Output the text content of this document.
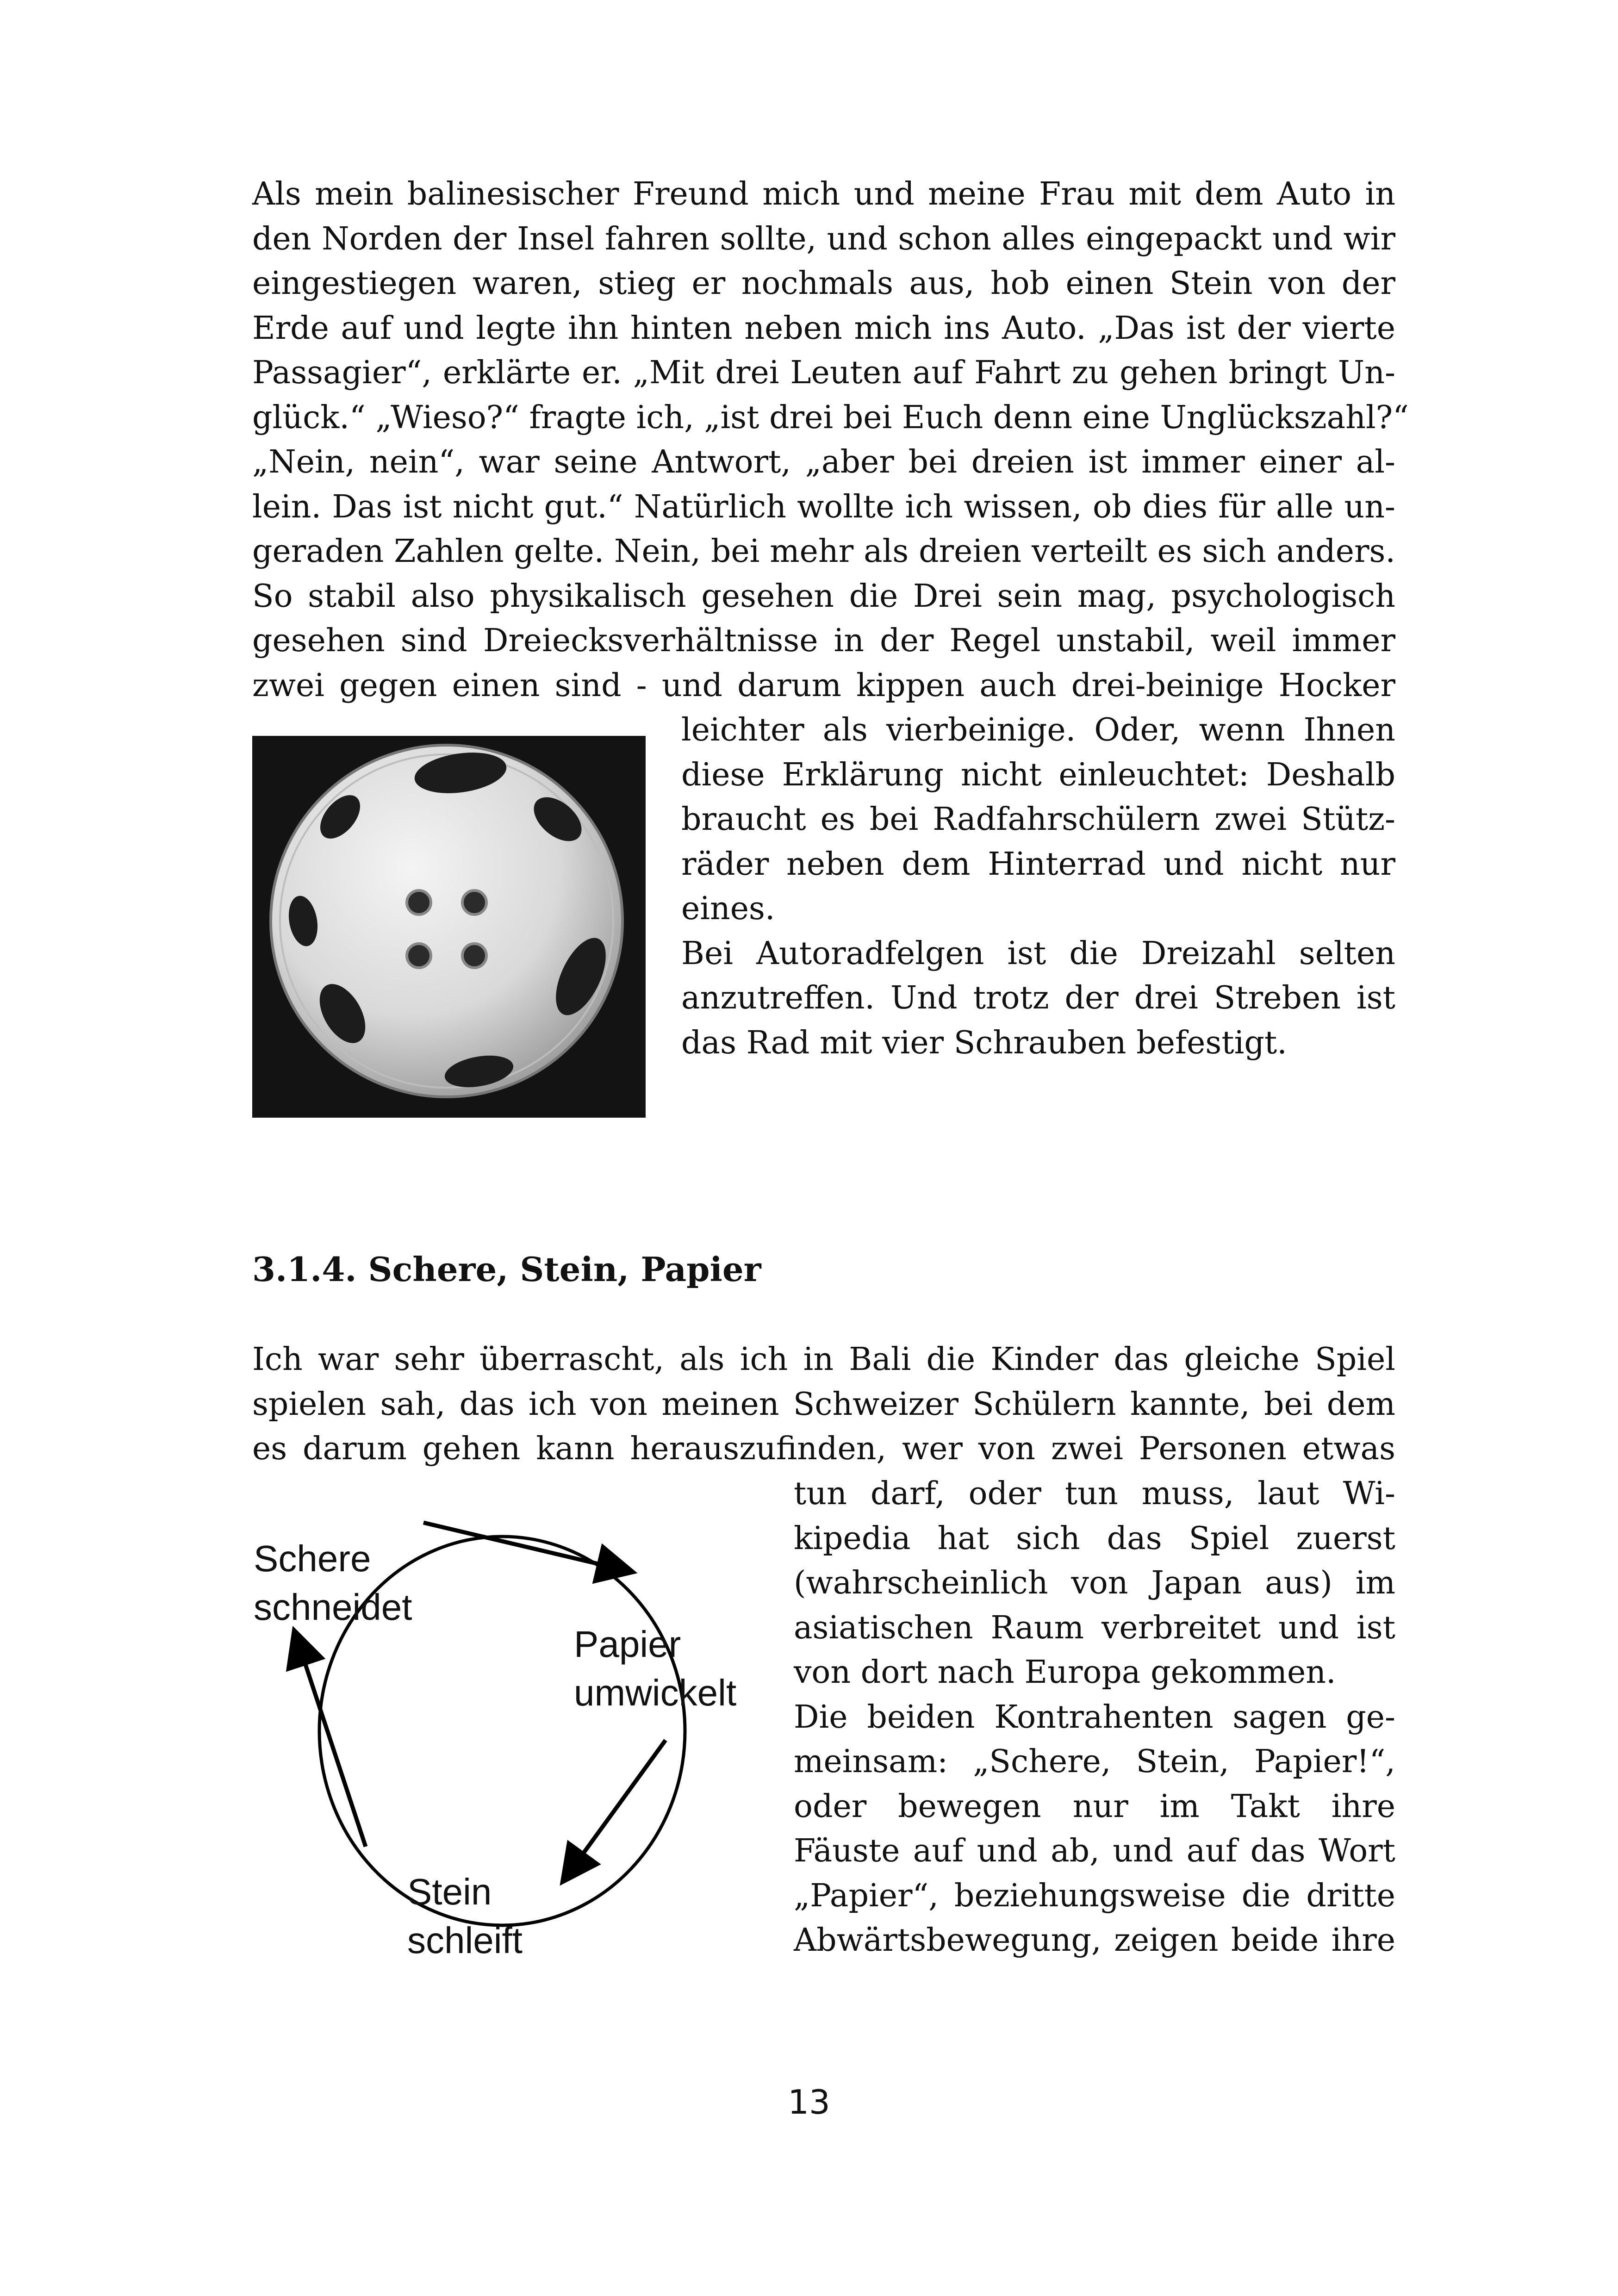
Als mein balinesischer Freund mich und meine Frau mit dem Auto in
den Norden der Insel fahren sollte, und schon alles eingepackt und wir
eingestiegen waren, stieg er nochmals aus, hob einen Stein von der
Erde auf und legte ihn hinten neben mich ins Auto. „Das ist der vierte
Passagier“, erklärte er. „Mit drei Leuten auf Fahrt zu gehen bringt Un-
glück.“ „Wieso?“ fragte ich, „ist drei bei Euch denn eine Unglückszahl?“
„Nein, nein“, war seine Antwort, „aber bei dreien ist immer einer al-
lein. Das ist nicht gut.“ Natürlich wollte ich wissen, ob dies für alle un-
geraden Zahlen gelte. Nein, bei mehr als dreien verteilt es sich anders.
So stabil also physikalisch gesehen die Drei sein mag, psychologisch
gesehen sind Dreiecksverhältnisse in der Regel unstabil, weil immer
zwei gegen einen sind - und darum kippen auch drei-beinige Hocker
leichter als vierbeinige. Oder, wenn Ihnen
diese Erklärung nicht einleuchtet: Deshalb
braucht es bei Radfahrschülern zwei Stütz-
räder neben dem Hinterrad und nicht nur
eines.
Bei Autoradfelgen ist die Dreizahl selten
anzutreffen. Und trotz der drei Streben ist
das Rad mit vier Schrauben befestigt.
3.1.4. Schere, Stein, Papier
Ich war sehr überrascht, als ich in Bali die Kinder das gleiche Spiel
spielen sah, das ich von meinen Schweizer Schülern kannte, bei dem
es darum gehen kann herauszufinden, wer von zwei Personen etwas
tun darf, oder tun muss, laut Wi-
kipedia hat sich das Spiel zuerst
(wahrscheinlich von Japan aus) im
asiatischen Raum verbreitet und ist
von dort nach Europa gekommen.
Die beiden Kontrahenten sagen ge-
meinsam: „Schere, Stein, Papier!“,
oder bewegen nur im Takt ihre
Fäuste auf und ab, und auf das Wort
„Papier“, beziehungsweise die dritte
Abwärtsbewegung, zeigen beide ihre
Schere
schneidet
Papier
umwickelt
Stein
schleift
13
